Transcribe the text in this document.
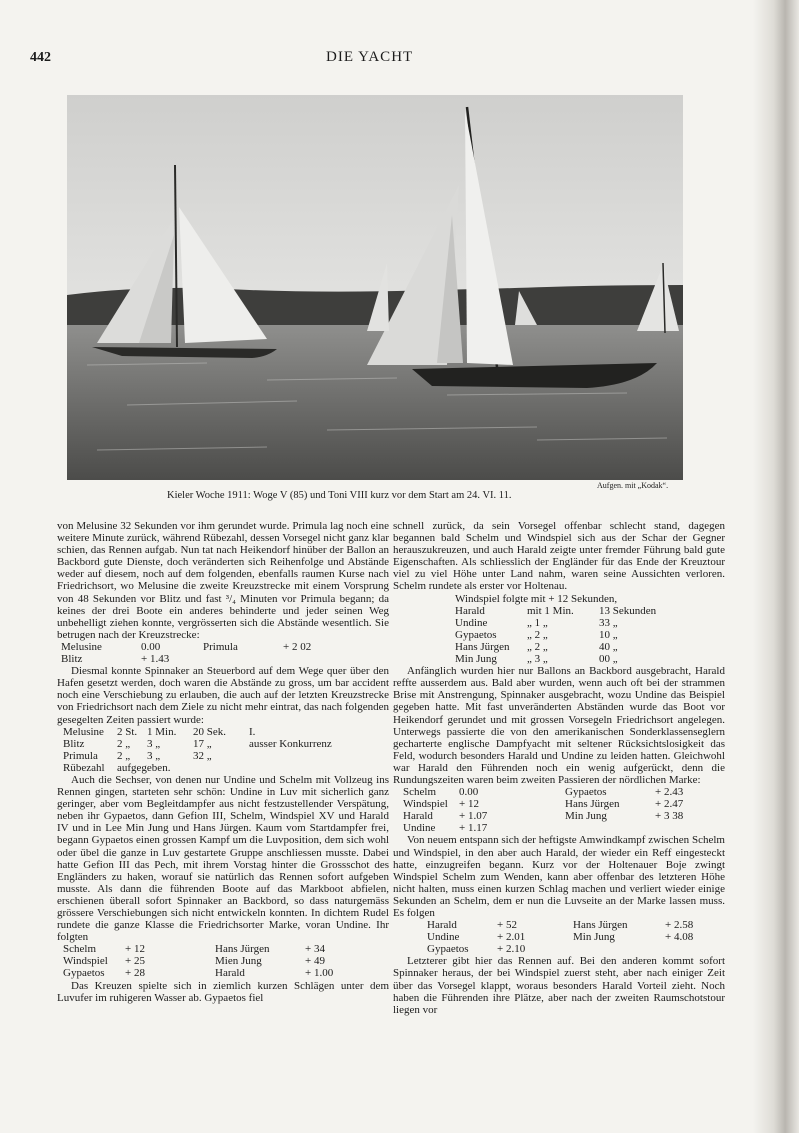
442	DIE YACHT
Aufgen. mit „Kodak“.
Kieler Woche 1911: Woge V (85) und Toni VIII kurz vor dem Start am 24. VI. 11.

von Melusine 32 Sekunden vor ihm gerundet wurde. Primula lag noch eine weitere Minute zurück, während Rübezahl, dessen Vorsegel nicht ganz klar schien, das Rennen aufgab. Nun tat nach Heikendorf hinüber der Ballon an Backbord gute Dienste, doch veränderten sich Reihenfolge und Abstände weder auf diesem, noch auf dem folgenden, ebenfalls raumen Kurse nach Friedrichsort, wo Melusine die zweite Kreuzstrecke mit einem Vorsprung von 48 Sekunden vor Blitz und fast ³/₄ Minuten vor Primula begann; da keines der drei Boote ein anderes behinderte und jeder seinen Weg unbehelligt ziehen konnte, vergrösserten sich die Abstände wesentlich. Sie betrugen nach der Kreuzstrecke:

Melusine	0.00	Primula	+ 2 02
Blitz	+ 1.43		

Diesmal konnte Spinnaker an Steuerbord auf dem Wege quer über den Hafen gesetzt werden, doch waren die Abstände zu gross, um bar accident noch eine Verschiebung zu erlauben, die auch auf der letzten Kreuzstrecke von Friedrichsort nach dem Ziele zu nicht mehr eintrat, das nach folgenden gesegelten Zeiten passiert wurde:

Melusine	2 St.	1 Min.	20 Sek.	I.
Blitz	2 „	3 „	17 „	ausser Konkurrenz
Primula	2 „	3 „	32 „	
Rübezahl	aufgegeben.			

Auch die Sechser, von denen nur Undine und Schelm mit Vollzeug ins Rennen gingen, starteten sehr schön: Undine in Luv mit sicherlich ganz geringer, aber vom Begleitdampfer aus nicht festzustellender Verspätung, neben ihr Gypaetos, dann Gefion III, Schelm, Windspiel XV und Harald IV und in Lee Min Jung und Hans Jürgen. Kaum vom Startdampfer frei, begann Gypaetos einen grossen Kampf um die Luvposition, dem sich wohl oder übel die ganze in Luv gestartete Gruppe anschliessen musste. Dabei hatte Gefion III das Pech, mit ihrem Vorstag hinter die Grossschot des Engländers zu haken, worauf sie natürlich das Rennen sofort aufgeben musste. Als dann die führenden Boote auf das Markboot abfielen, erschienen überall sofort Spinnaker an Backbord, so dass naturgemäss grössere Verschiebungen sich nicht entwickeln konnten. In dichtem Rudel rundete die ganze Klasse die Friedrichsorter Marke, voran Undine. Ihr folgten

Schelm	+ 12	Hans Jürgen	+ 34
Windspiel	+ 25	Mien Jung	+ 49
Gypaetos	+ 28	Harald	+ 1.00

Das Kreuzen spielte sich in ziemlich kurzen Schlägen unter dem Luvufer im ruhigeren Wasser ab. Gypaetos fiel

schnell zurück, da sein Vorsegel offenbar schlecht stand, dagegen begannen bald Schelm und Windspiel sich aus der Schar der Gegner herauszukreuzen, und auch Harald zeigte unter fremder Führung bald gute Eigenschaften. Als schliesslich der Engländer für das Ende der Kreuztour viel zu viel Höhe unter Land nahm, waren seine Aussichten verloren. Schelm rundete als erster vor Holtenau.

Windspiel folgte mit + 12 Sekunden,

Harald	mit 1 Min.	13 Sekunden
Undine	„ 1 „	33 „
Gypaetos	„ 2 „	10 „
Hans Jürgen	„ 2 „	40 „
Min Jung	„ 3 „	00 „

Anfänglich wurden hier nur Ballons an Backbord ausgebracht, Harald reffte ausserdem aus. Bald aber wurden, wenn auch oft bei der strammen Brise mit Anstrengung, Spinnaker ausgebracht, wozu Undine das Beispiel gegeben hatte. Mit fast unveränderten Abständen wurde das Boot vor Heikendorf gerundet und mit grossen Vorsegeln Friedrichsort angelegen. Unterwegs passierte die von den amerikanischen Sonderklassenseglern gecharterte englische Dampfyacht mit seltener Rücksichtslosigkeit das Feld, wodurch besonders Harald und Undine zu leiden hatten. Gleichwohl war Harald den Führenden noch ein wenig aufgerückt, denn die Rundungszeiten waren beim zweiten Passieren der nördlichen Marke:

Schelm	0.00	Gypaetos	+ 2.43
Windspiel	+ 12	Hans Jürgen	+ 2.47
Harald	+ 1.07	Min Jung	+ 3 38
Undine	+ 1.17		

Von neuem entspann sich der heftigste Amwindkampf zwischen Schelm und Windspiel, in den aber auch Harald, der wieder ein Reff eingesteckt hatte, einzugreifen begann. Kurz vor der Holtenauer Boje zwingt Windspiel Schelm zum Wenden, kann aber offenbar des letzteren Höhe nicht halten, muss einen kurzen Schlag machen und verliert wieder einige Sekunden an Schelm, dem er nun die Luvseite an der Marke lassen muss. Es folgen

Harald	+ 52	Hans Jürgen	+ 2.58
Undine	+ 2.01	Min Jung	+ 4.08
Gypaetos	+ 2.10		

Letzterer gibt hier das Rennen auf. Bei den anderen kommt sofort Spinnaker heraus, der bei Windspiel zuerst steht, aber nach einiger Zeit über das Vorsegel klappt, woraus besonders Harald Vorteil zieht. Noch haben die Führenden ihre Plätze, aber nach der zweiten Raumschotstour liegen vor
